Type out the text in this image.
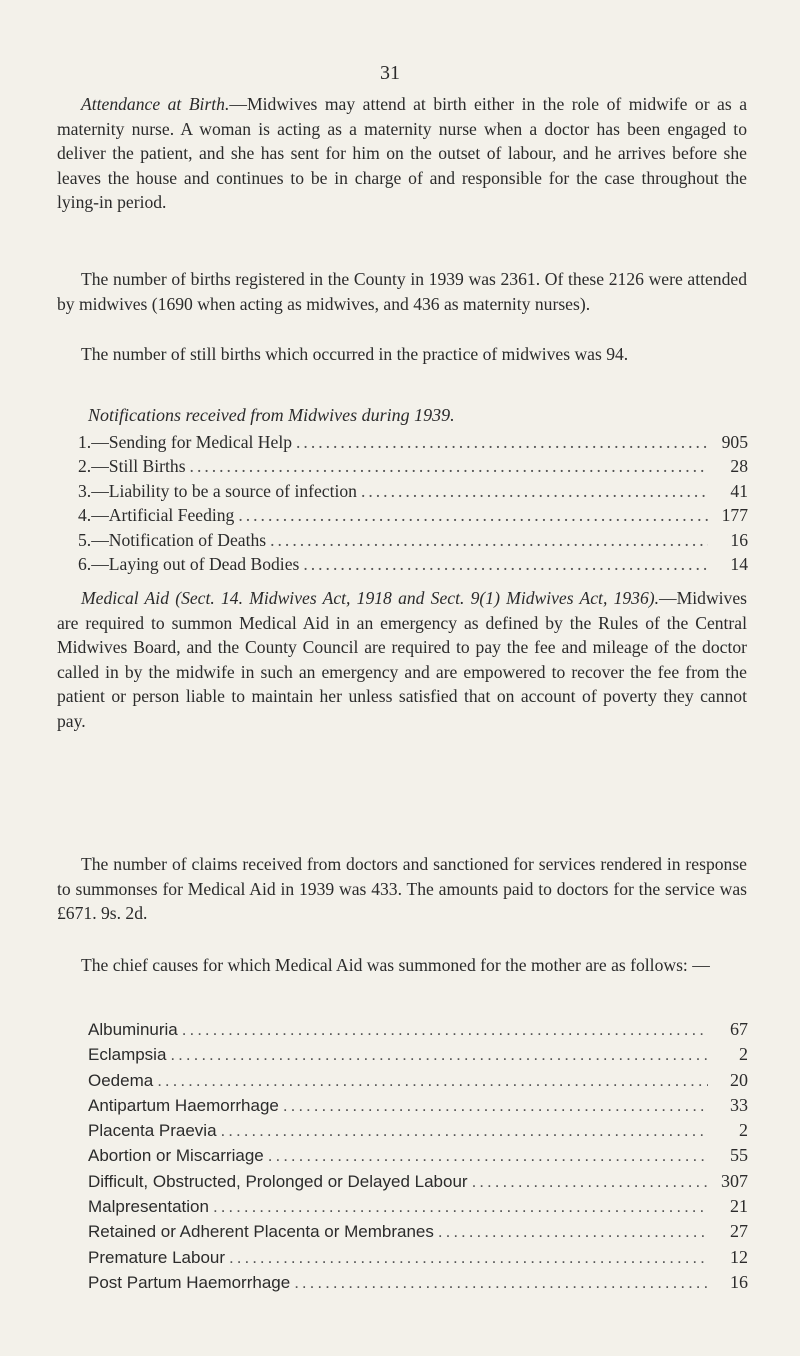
31

Attendance at Birth.—Midwives may attend at birth either in the role of midwife or as a maternity nurse. A woman is acting as a maternity nurse when a doctor has been engaged to deliver the patient, and she has sent for him on the outset of labour, and he arrives before she leaves the house and continues to be in charge of and responsible for the case throughout the lying-in period.

The number of births registered in the County in 1939 was 2361. Of these 2126 were attended by midwives (1690 when acting as midwives, and 436 as maternity nurses).

The number of still births which occurred in the practice of midwives was 94.

Notifications received from Midwives during 1939.
1.—Sending for Medical Help .....	905
2.—Still Births .....	28
3.—Liability to be a source of infection .....	41
4.—Artificial Feeding .....	177
5.—Notification of Deaths .....	16
6.—Laying out of Dead Bodies .....	14

Medical Aid (Sect. 14. Midwives Act, 1918 and Sect. 9(1) Midwives Act, 1936).—Midwives are required to summon Medical Aid in an emergency as defined by the Rules of the Central Midwives Board, and the County Council are required to pay the fee and mileage of the doctor called in by the midwife in such an emergency and are empowered to recover the fee from the patient or person liable to maintain her unless satisfied that on account of poverty they cannot pay.

The number of claims received from doctors and sanctioned for services rendered in response to summonses for Medical Aid in 1939 was 433. The amounts paid to doctors for the service was £671. 9s. 2d.

The chief causes for which Medical Aid was summoned for the mother are as follows: —

Albuminuria .....	67
Eclampsia .....	2
Oedema .....	20
Antipartum Haemorrhage .....	33
Placenta Praevia .....	2
Abortion or Miscarriage .....	55
Difficult, Obstructed, Prolonged or Delayed Labour .....	307
Malpresentation .....	21
Retained or Adherent Placenta or Membranes .....	27
Premature Labour .....	12
Post Partum Haemorrhage .....	16
